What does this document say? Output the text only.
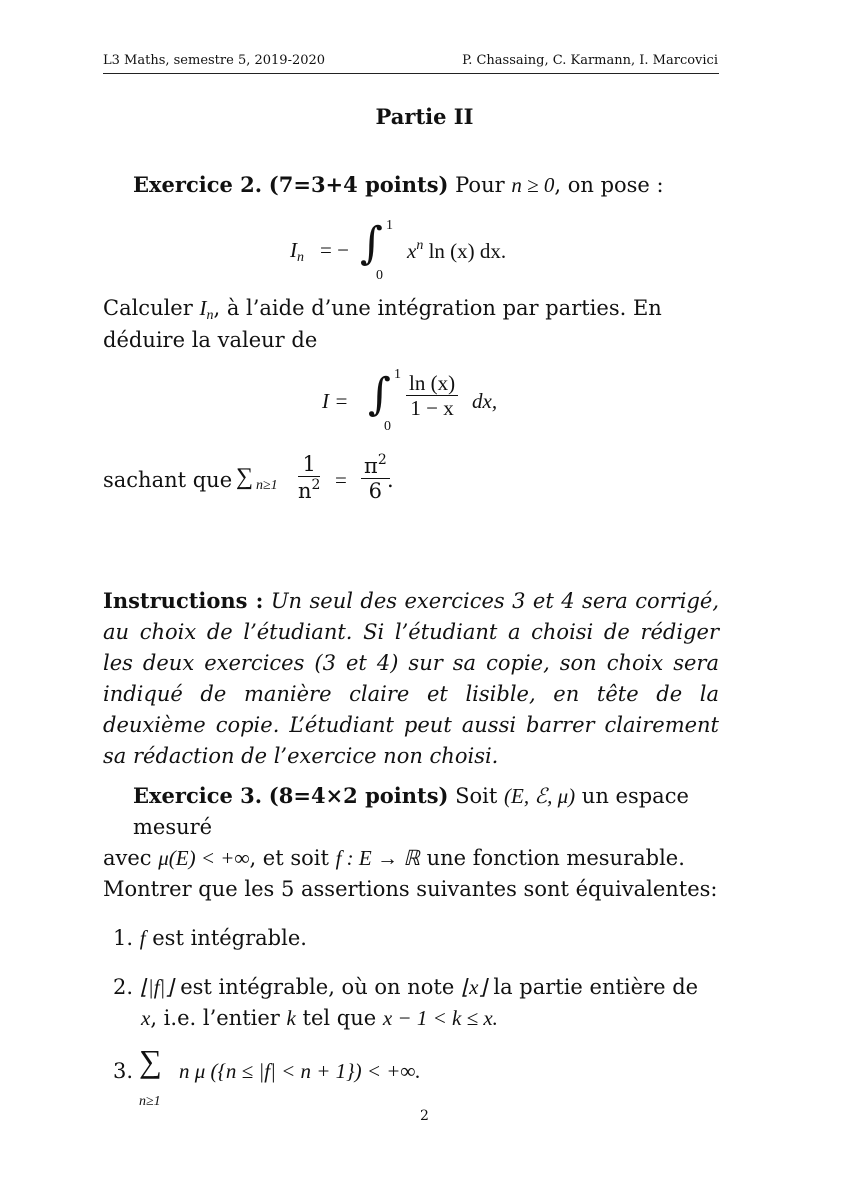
L3 Maths, semestre 5, 2019-2020	P. Chassaing, C. Karmann, I. Marcovici
Partie II
Exercice 2. (7=3+4 points) Pour n ≥ 0, on pose :
$I_n$ = − ∫ 1
0
$x^n$ ln (x) dx.
Calculer $I_n$, à l’aide d’une intégration par parties. En
déduire la valeur de
I = ∫ 1
0
$\frac{\ln (x)}{1 - x}$ dx,
sachant que ∑ $n\ge 1 \frac{1}{n^2} = \frac{\pi^2}{6}$
.
Instructions : Un seul des exercices 3 et 4 sera corrigé, au choix de l’étudiant. Si l’étudiant a choisi de rédiger les deux exercices (3 et 4) sur sa copie, son choix sera indiqué de manière claire et lisible, en tête de la deuxième copie. L’étudiant peut aussi barrer clairement sa rédaction de l’exercice non choisi.
Exercice 3. (8=4×2 points) Soit (E, ℰ, μ) un espace mesuré
avec μ(E) < +∞, et soit f : E → ℝ une fonction mesurable.
Montrer que les 5 assertions suivantes sont équivalentes:
1. f est intégrable.
2. ⌊|f|⌋ est intégrable, où on note ⌊x⌋ la partie entière de
x, i.e. l’entier k tel que x − 1 < k ≤ x.
3. ∑
n≥1
n μ ({n ≤ |f| < n + 1}) < +∞.
2
